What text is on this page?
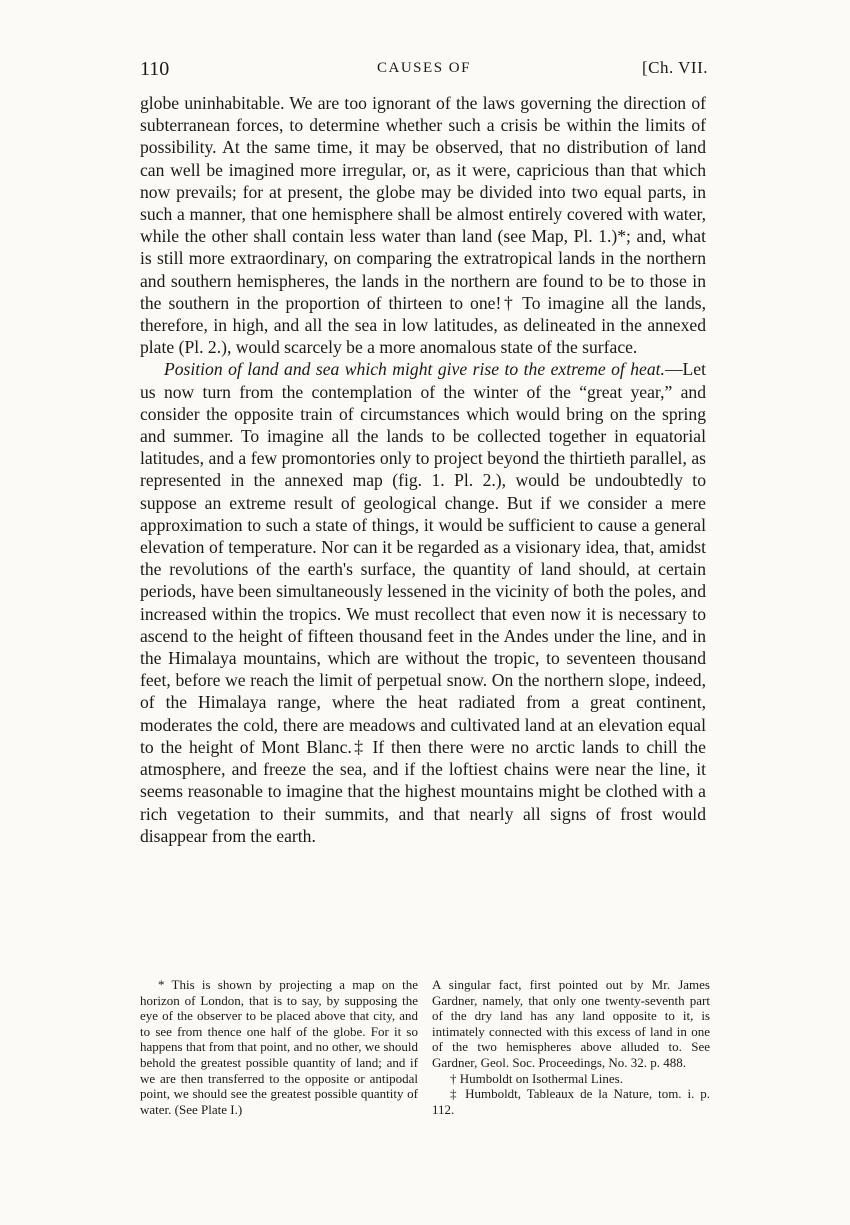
110	CAUSES OF	[Ch. VII.

globe uninhabitable. We are too ignorant of the laws governing the direction of subterranean forces, to determine whether such a crisis be within the limits of possibility. At the same time, it may be observed, that no distribution of land can well be imagined more irregular, or, as it were, capricious than that which now prevails; for at present, the globe may be divided into two equal parts, in such a manner, that one hemisphere shall be almost entirely covered with water, while the other shall contain less water than land (see Map, Pl. 1.)*; and, what is still more extraordinary, on comparing the extratropical lands in the northern and southern hemispheres, the lands in the northern are found to be to those in the southern in the proportion of thirteen to one!† To imagine all the lands, therefore, in high, and all the sea in low latitudes, as delineated in the annexed plate (Pl. 2.), would scarcely be a more anomalous state of the surface.

Position of land and sea which might give rise to the extreme of heat.—Let us now turn from the contemplation of the winter of the “great year,” and consider the opposite train of circumstances which would bring on the spring and summer. To imagine all the lands to be collected together in equatorial latitudes, and a few promontories only to project beyond the thirtieth parallel, as represented in the annexed map (fig. 1. Pl. 2.), would be undoubtedly to suppose an extreme result of geological change. But if we consider a mere approximation to such a state of things, it would be sufficient to cause a general elevation of temperature. Nor can it be regarded as a visionary idea, that, amidst the revolutions of the earth's surface, the quantity of land should, at certain periods, have been simultaneously lessened in the vicinity of both the poles, and increased within the tropics. We must recollect that even now it is necessary to ascend to the height of fifteen thousand feet in the Andes under the line, and in the Himalaya mountains, which are without the tropic, to seventeen thousand feet, before we reach the limit of perpetual snow. On the northern slope, indeed, of the Himalaya range, where the heat radiated from a great continent, moderates the cold, there are meadows and cultivated land at an elevation equal to the height of Mont Blanc.‡ If then there were no arctic lands to chill the atmosphere, and freeze the sea, and if the loftiest chains were near the line, it seems reasonable to imagine that the highest mountains might be clothed with a rich vegetation to their summits, and that nearly all signs of frost would disappear from the earth.

* This is shown by projecting a map on the horizon of London, that is to say, by supposing the eye of the observer to be placed above that city, and to see from thence one half of the globe. For it so happens that from that point, and no other, we should behold the greatest possible quantity of land; and if we are then transferred to the opposite or antipodal point, we should see the greatest possible quantity of water. (See Plate I.)

A singular fact, first pointed out by Mr. James Gardner, namely, that only one twenty-seventh part of the dry land has any land opposite to it, is intimately connected with this excess of land in one of the two hemispheres above alluded to. See Gardner, Geol. Soc. Proceedings, No. 32. p. 488.

† Humboldt on Isothermal Lines.

‡ Humboldt, Tableaux de la Nature, tom. i. p. 112.
